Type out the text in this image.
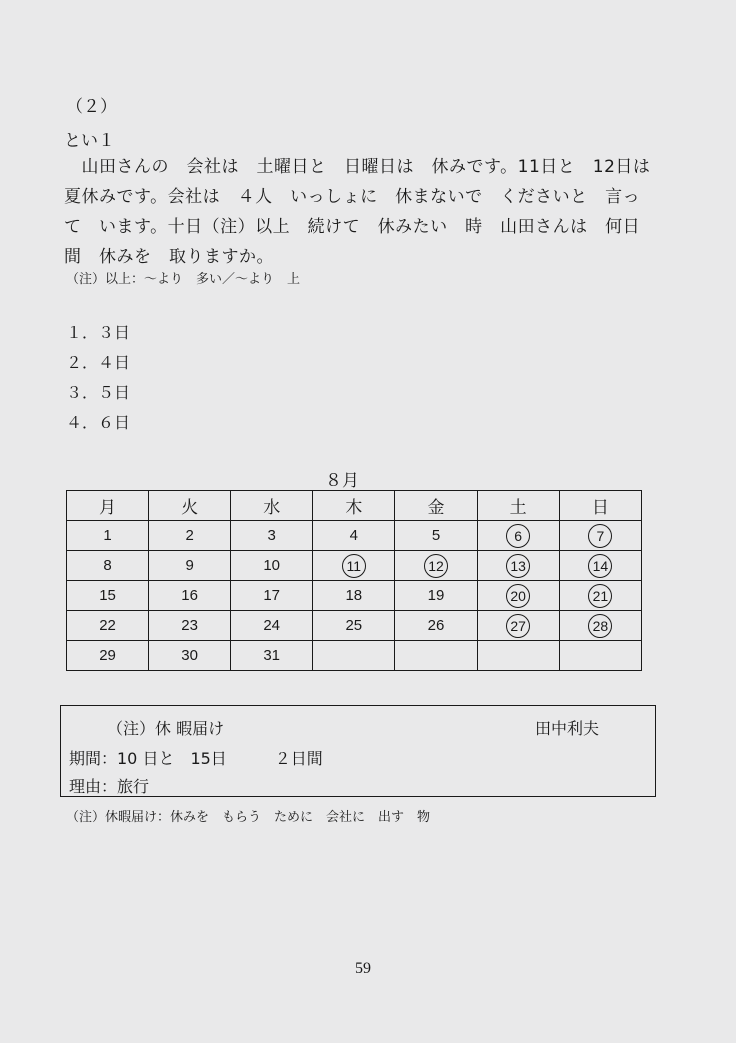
（２）
とい１
　山田さんの　会社は　土曜日と　日曜日は　休みです。11日と　12日は
夏休みです。会社は　４人　いっしょに　休まないで　くださいと　言っ
て　います。十日（注）以上　続けて　休みたい　時　山田さんは　何日
間　休みを　取りますか。
（注）以上：～より　多い／～より　上
１．３日
２．４日
３．５日
４．６日
８月
月	火	水	木	金	土	日
1	2	3	4	5	6	7
8	9	10	11	12	13	14
15	16	17	18	19	20	21
22	23	24	25	26	27	28
29	30	31				
（注）休 暇届け	田中利夫
期間：10 日と　15日　　　２日間
理由：旅行
（注）休暇届け：休みを　もらう　ために　会社に　出す　物
59
